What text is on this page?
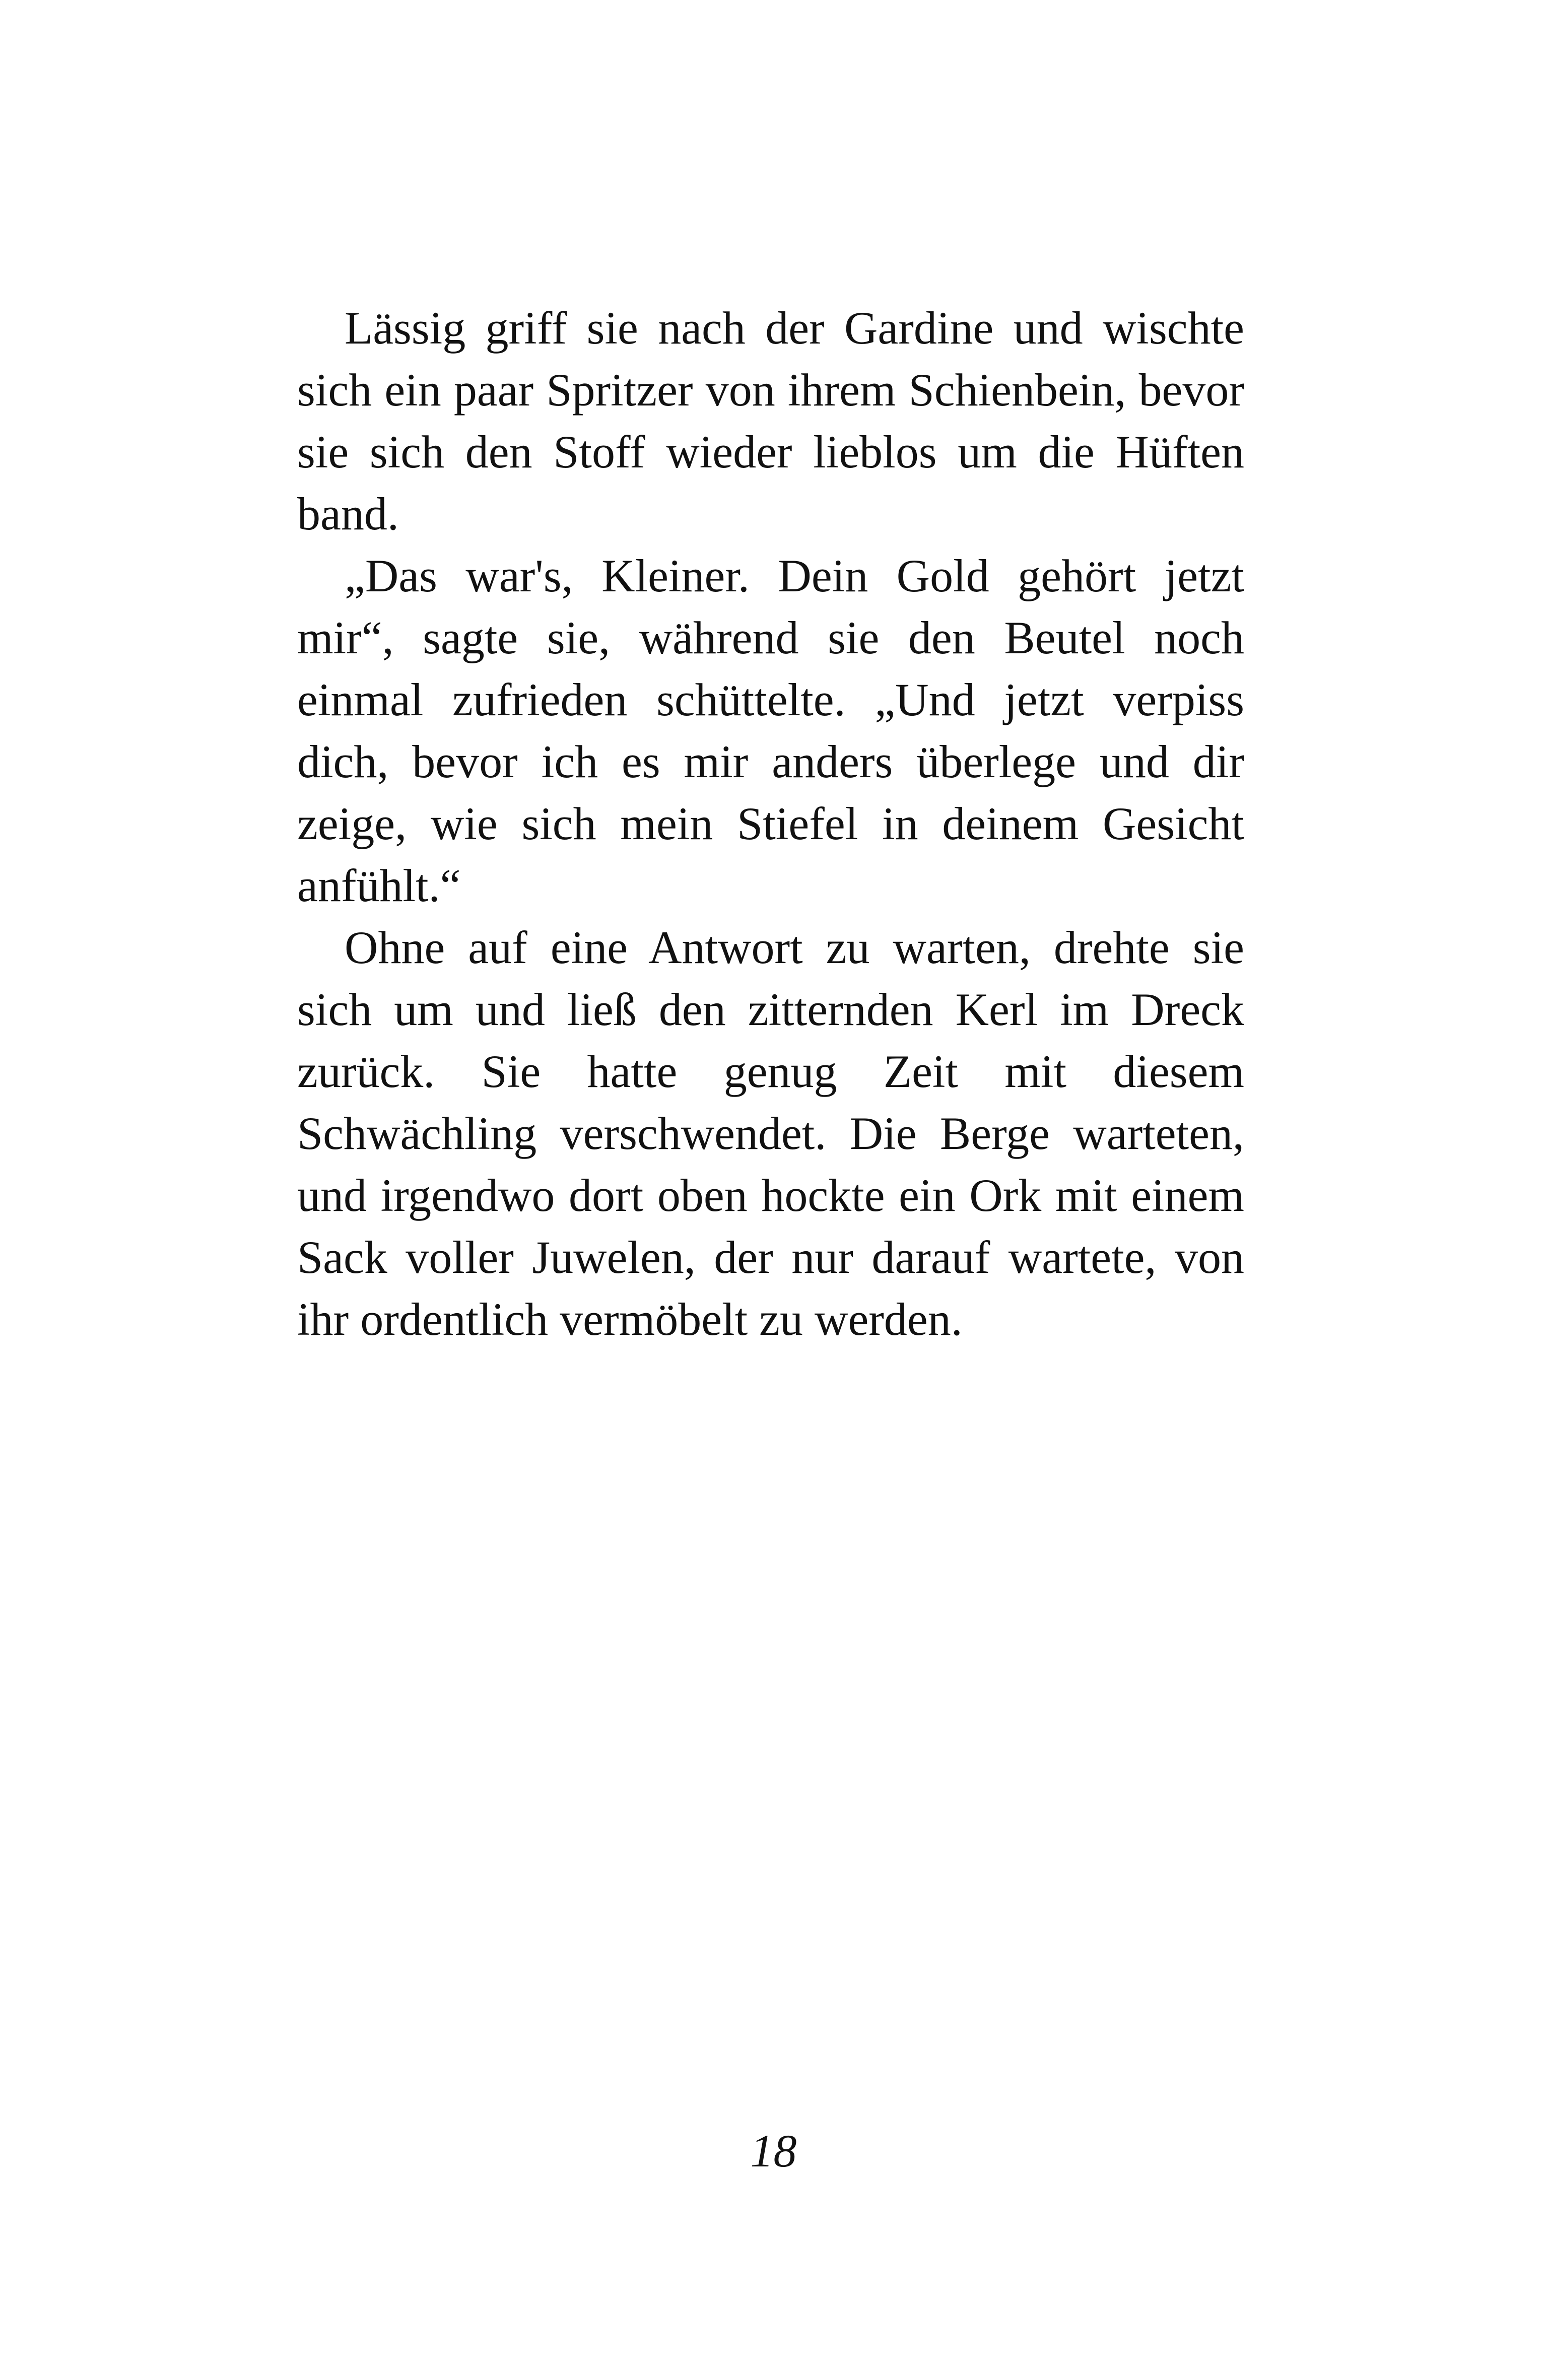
Lässig griff sie nach der Gardine und wischte sich ein paar Spritzer von ihrem Schienbein, bevor sie sich den Stoff wieder lieblos um die Hüften band.

„Das war's, Kleiner. Dein Gold gehört jetzt mir“, sagte sie, während sie den Beutel noch einmal zufrieden schüttelte. „Und jetzt verpiss dich, bevor ich es mir anders überlege und dir zeige, wie sich mein Stiefel in deinem Gesicht anfühlt.“

Ohne auf eine Antwort zu warten, drehte sie sich um und ließ den zitternden Kerl im Dreck zurück. Sie hatte genug Zeit mit diesem Schwächling verschwendet. Die Berge warteten, und irgendwo dort oben hockte ein Ork mit einem Sack voller Juwelen, der nur darauf wartete, von ihr ordentlich vermöbelt zu werden.

18
